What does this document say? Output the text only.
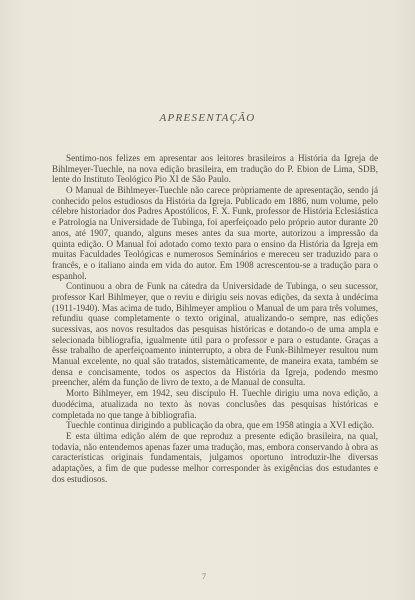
APRESENTAÇÃO

Sentimo-nos felizes em apresentar aos leitores brasileiros a História da Igreja de Bihlmeyer-Tuechle, na nova edição brasileira, em tradução do P. Ebion de Lima, SDB, lente do Instituto Teológico Pio XI de São Paulo.

O Manual de Bihlmeyer-Tuechle não carece pròpriamente de apresentação, sendo já conhecido pelos estudiosos da História da Igreja. Publicado em 1886, num volume, pelo célebre historiador dos Padres Apostólicos, F. X. Funk, professor de História Eclesiástica e Patrologia na Universidade de Tubinga, foi aperfeiçoado pelo próprio autor durante 20 anos, até 1907, quando, alguns meses antes da sua morte, autorizou a impressão da quinta edição. O Manual foi adotado como texto para o ensino da História da Igreja em muitas Faculdades Teológicas e numerosos Seminários e mereceu ser traduzido para o francês, e o italiano ainda em vida do autor. Em 1908 acrescentou-se a tradução para o espanhol.

Continuou a obra de Funk na cátedra da Universidade de Tubinga, o seu sucessor, professor Karl Bihlmeyer, que o reviu e dirigiu seis novas edições, da sexta à undécima (1911-1940). Mas acima de tudo, Bihlmeyer ampliou o Manual de um para três volumes, refundiu quase completamente o texto original, atualizando-o sempre, nas edições sucessivas, aos novos resultados das pesquisas históricas e dotando-o de uma ampla e selecionada bibliografia, igualmente útil para o professor e para o estudante. Graças a êsse trabalho de aperfeiçoamento ininterrupto, a obra de Funk-Bihlmeyer resultou num Manual excelente, no qual são tratados, sistemàticamente, de maneira exata, também se densa e concisamente, todos os aspectos da História da Igreja, podendo mesmo preencher, além da função de livro de texto, a de Manual de consulta.

Morto Bihlmeyer, em 1942, seu discípulo H. Tuechle dirigiu uma nova edição, a duodécima, atualizada no texto às novas conclusões das pesquisas históricas e completada no que tange à bibliografia.

Tuechle continua dirigindo a publicação da obra, que em 1958 atingia a XVI edição.

E esta última edição além de que reproduz a presente edição brasileira, na qual, todavia, não entendemos apenas fazer uma tradução, mas, embora conservando à obra as características originais fundamentais, julgamos oportuno introduzir-lhe diversas adaptações, a fim de que pudesse melhor corresponder às exigências dos estudantes e dos estudiosos.

7
